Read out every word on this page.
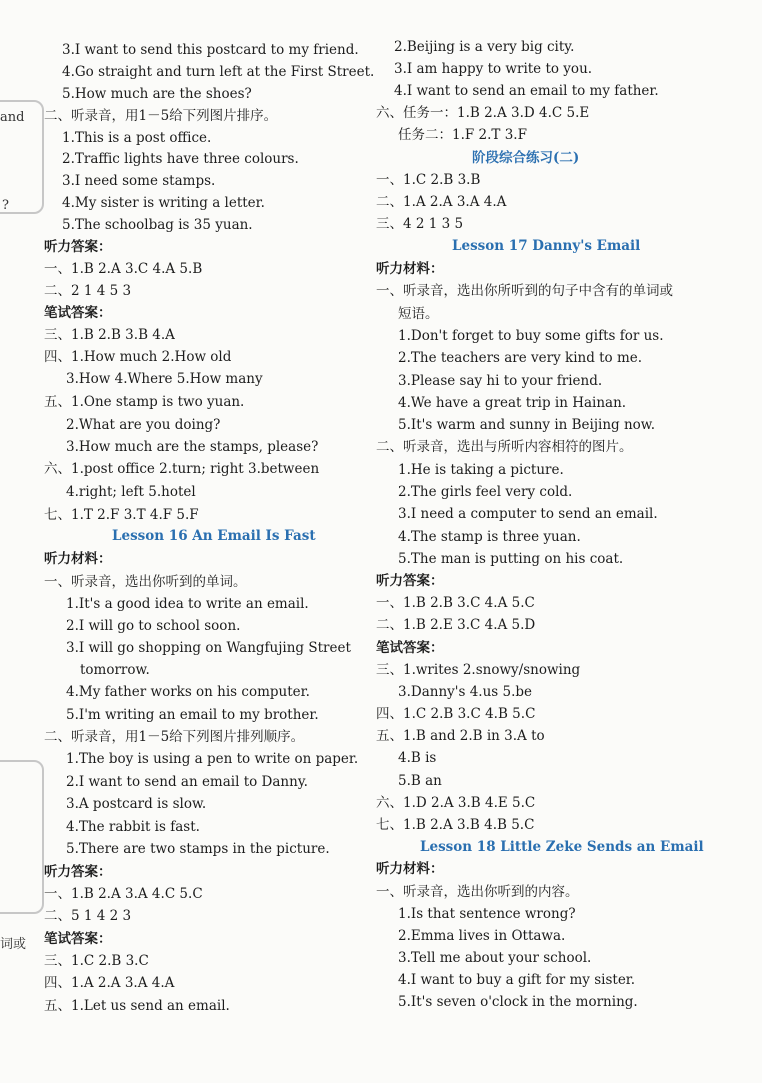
and
?
词或
3.I want to send this postcard to my friend.
4.Go straight and turn left at the First Street.
5.How much are the shoes?
二、听录音，用1－5给下列图片排序。
1.This is a post office.
2.Traffic lights have three colours.
3.I need some stamps.
4.My sister is writing a letter.
5.The schoolbag is 35 yuan.
听力答案：
一、1.B 2.A 3.C 4.A 5.B
二、2 1 4 5 3
笔试答案：
三、1.B 2.B 3.B 4.A
四、1.How much 2.How old
3.How 4.Where 5.How many
五、1.One stamp is two yuan.
2.What are you doing?
3.How much are the stamps, please?
六、1.post office 2.turn; right 3.between
4.right; left 5.hotel
七、1.T 2.F 3.T 4.F 5.F
Lesson 16 An Email Is Fast
听力材料：
一、听录音，选出你听到的单词。
1.It's a good idea to write an email.
2.I will go to school soon.
3.I will go shopping on Wangfujing Street
tomorrow.
4.My father works on his computer.
5.I'm writing an email to my brother.
二、听录音，用1－5给下列图片排列顺序。
1.The boy is using a pen to write on paper.
2.I want to send an email to Danny.
3.A postcard is slow.
4.The rabbit is fast.
5.There are two stamps in the picture.
听力答案：
一、1.B 2.A 3.A 4.C 5.C
二、5 1 4 2 3
笔试答案：
三、1.C 2.B 3.C
四、1.A 2.A 3.A 4.A
五、1.Let us send an email.
2.Beijing is a very big city.
3.I am happy to write to you.
4.I want to send an email to my father.
六、任务一：1.B 2.A 3.D 4.C 5.E
任务二：1.F 2.T 3.F
阶段综合练习(二)
一、1.C 2.B 3.B
二、1.A 2.A 3.A 4.A
三、4 2 1 3 5
Lesson 17 Danny's Email
听力材料：
一、听录音，选出你所听到的句子中含有的单词或
短语。
1.Don't forget to buy some gifts for us.
2.The teachers are very kind to me.
3.Please say hi to your friend.
4.We have a great trip in Hainan.
5.It's warm and sunny in Beijing now.
二、听录音，选出与所听内容相符的图片。
1.He is taking a picture.
2.The girls feel very cold.
3.I need a computer to send an email.
4.The stamp is three yuan.
5.The man is putting on his coat.
听力答案：
一、1.B 2.B 3.C 4.A 5.C
二、1.B 2.E 3.C 4.A 5.D
笔试答案：
三、1.writes 2.snowy/snowing
3.Danny's 4.us 5.be
四、1.C 2.B 3.C 4.B 5.C
五、1.B and 2.B in 3.A to
4.B is
5.B an
六、1.D 2.A 3.B 4.E 5.C
七、1.B 2.A 3.B 4.B 5.C
Lesson 18 Little Zeke Sends an Email
听力材料：
一、听录音，选出你听到的内容。
1.Is that sentence wrong?
2.Emma lives in Ottawa.
3.Tell me about your school.
4.I want to buy a gift for my sister.
5.It's seven o'clock in the morning.
